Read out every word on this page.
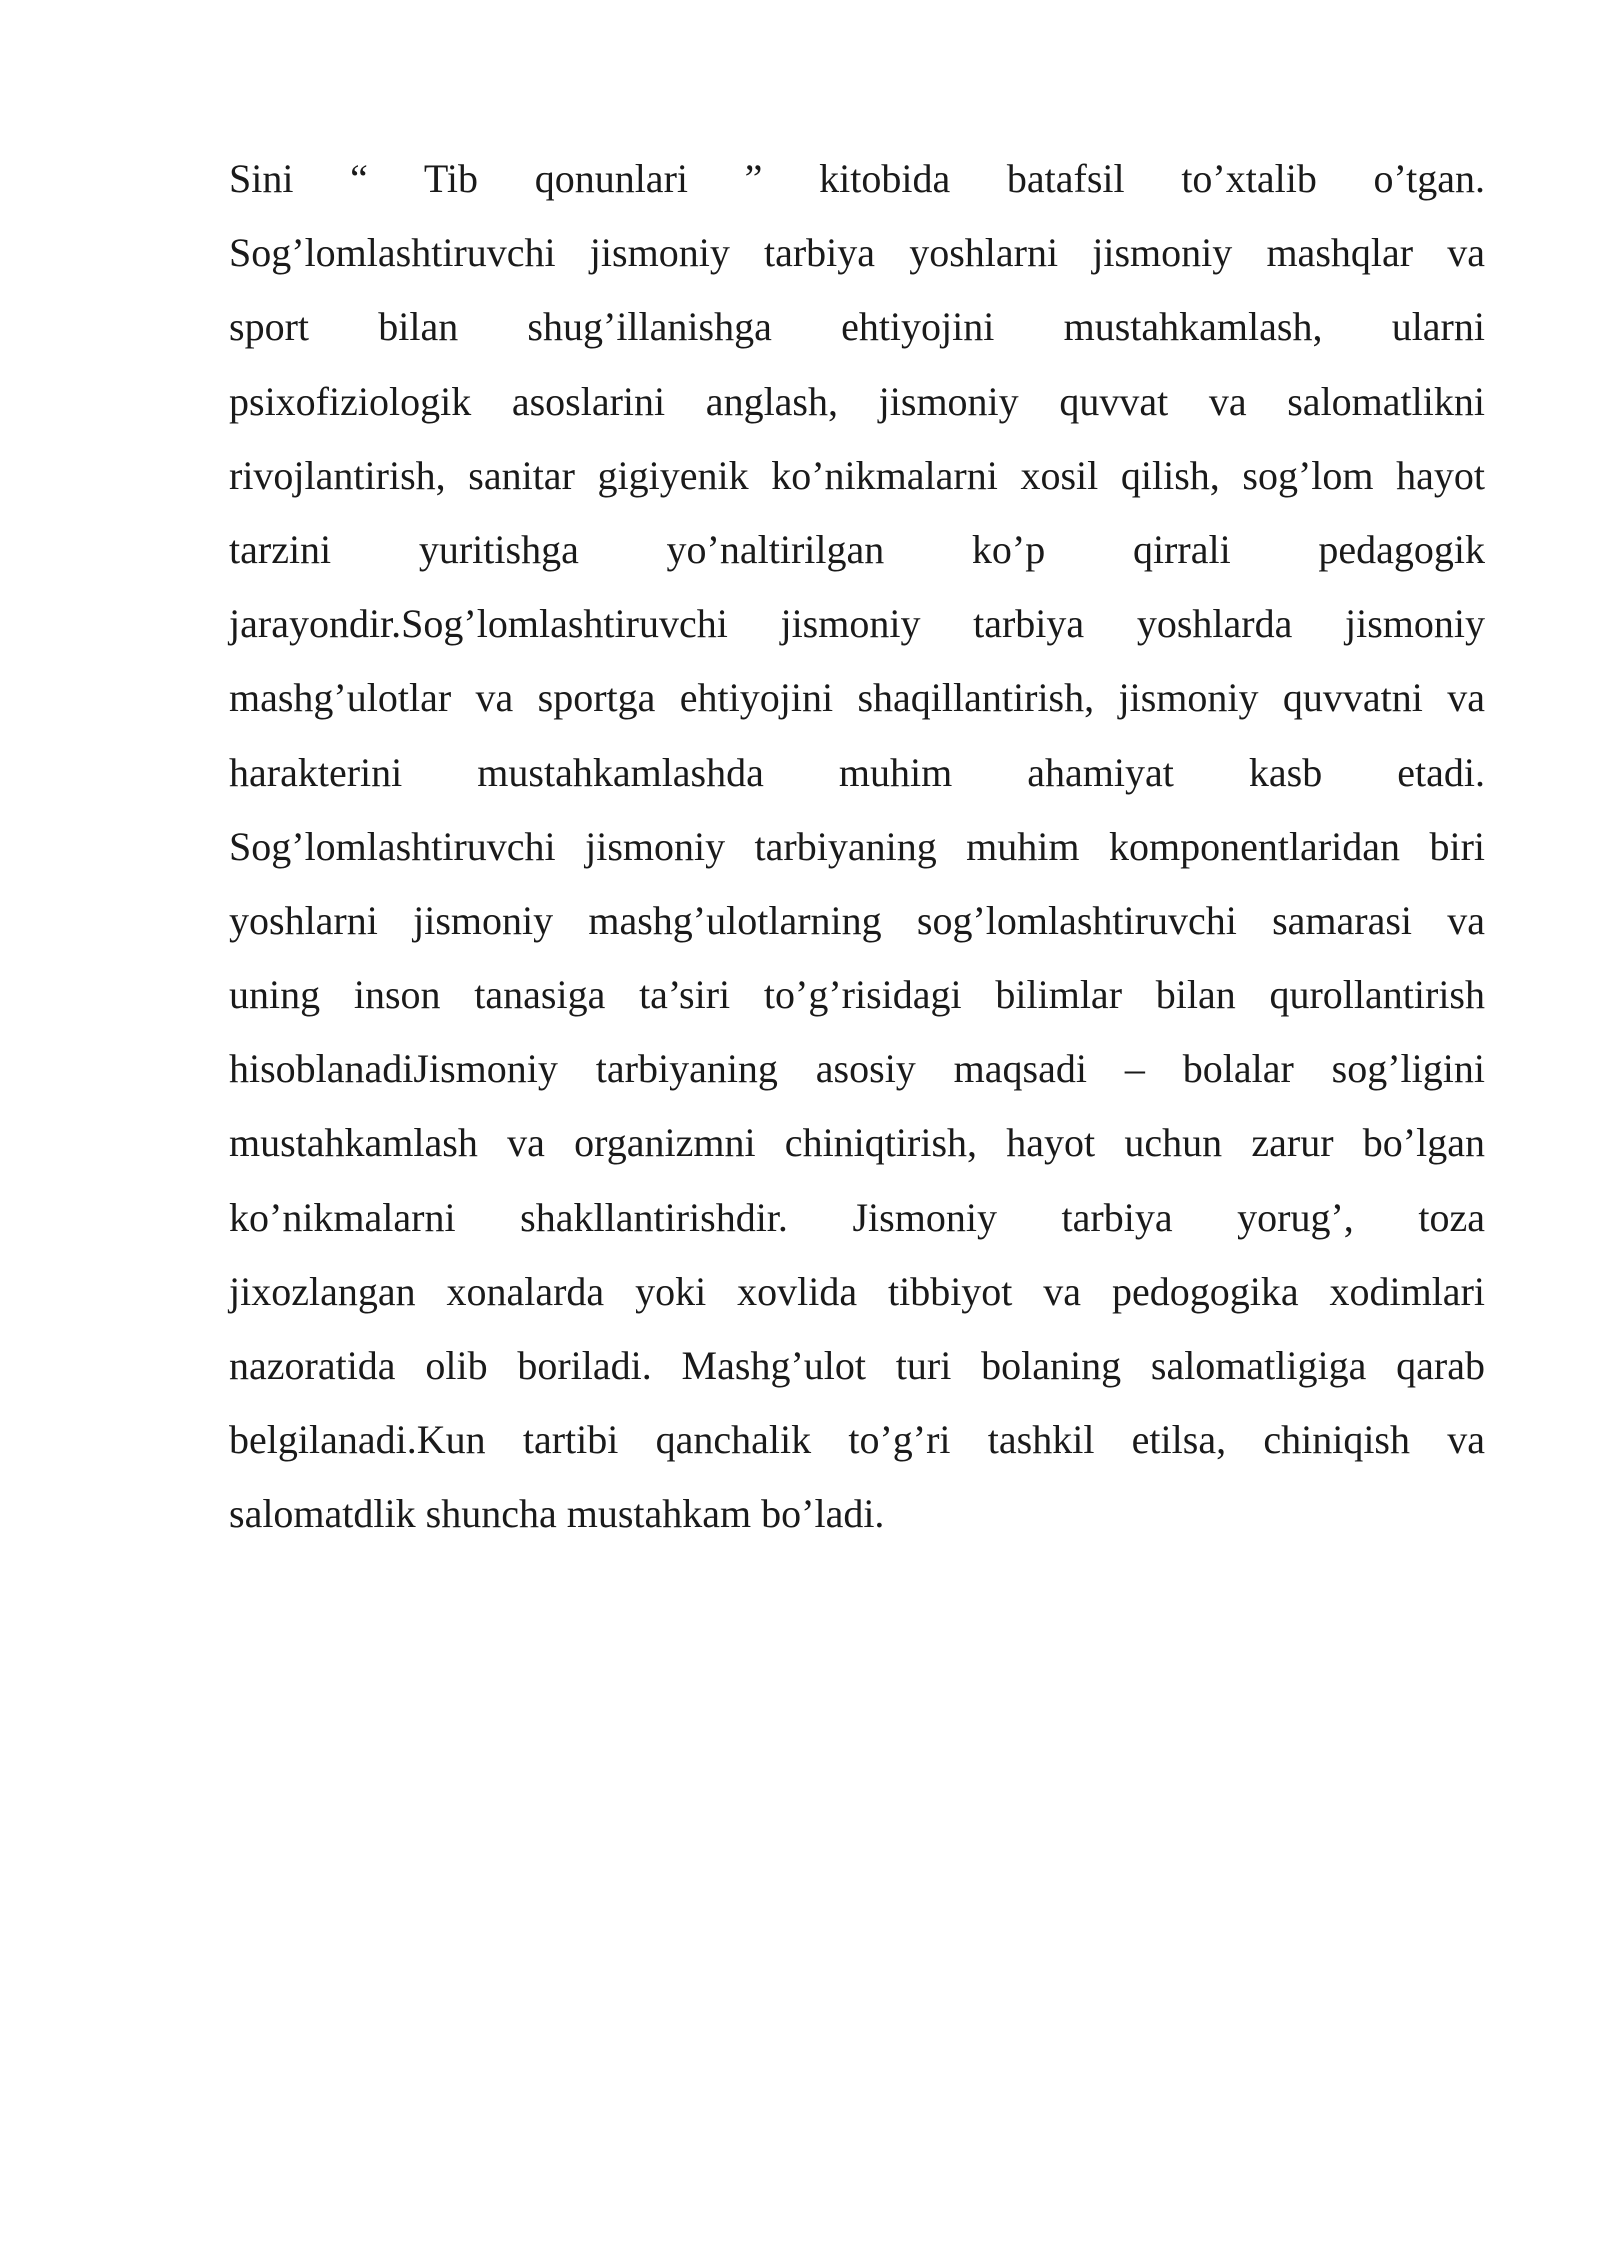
Sini “ Tib qonunlari ” kitobida batafsil to’xtalib o’tgan.
Sog’lomlashtiruvchi jismoniy tarbiya yoshlarni jismoniy mashqlar va
sport bilan shug’illanishga ehtiyojini mustahkamlash, ularni
psixofiziologik asoslarini anglash, jismoniy quvvat va salomatlikni
rivojlantirish, sanitar gigiyenik ko’nikmalarni xosil qilish, sog’lom hayot
tarzini yuritishga yo’naltirilgan ko’p qirrali pedagogik
jarayondir.Sog’lomlashtiruvchi jismoniy tarbiya yoshlarda jismoniy
mashg’ulotlar va sportga ehtiyojini shaqillantirish, jismoniy quvvatni va
harakterini mustahkamlashda muhim ahamiyat kasb etadi.
Sog’lomlashtiruvchi jismoniy tarbiyaning muhim komponentlaridan biri
yoshlarni jismoniy mashg’ulotlarning sog’lomlashtiruvchi samarasi va
uning inson tanasiga ta’siri to’g’risidagi bilimlar bilan qurollantirish
hisoblanadiJismoniy tarbiyaning asosiy maqsadi – bolalar sog’ligini
mustahkamlash va organizmni chiniqtirish, hayot uchun zarur bo’lgan
ko’nikmalarni shakllantirishdir. Jismoniy tarbiya yorug’, toza
jixozlangan xonalarda yoki xovlida tibbiyot va pedogogika xodimlari
nazoratida olib boriladi. Mashg’ulot turi bolaning salomatligiga qarab
belgilanadi.Kun tartibi qanchalik to’g’ri tashkil etilsa, chiniqish va
salomatdlik shuncha mustahkam bo’ladi.
